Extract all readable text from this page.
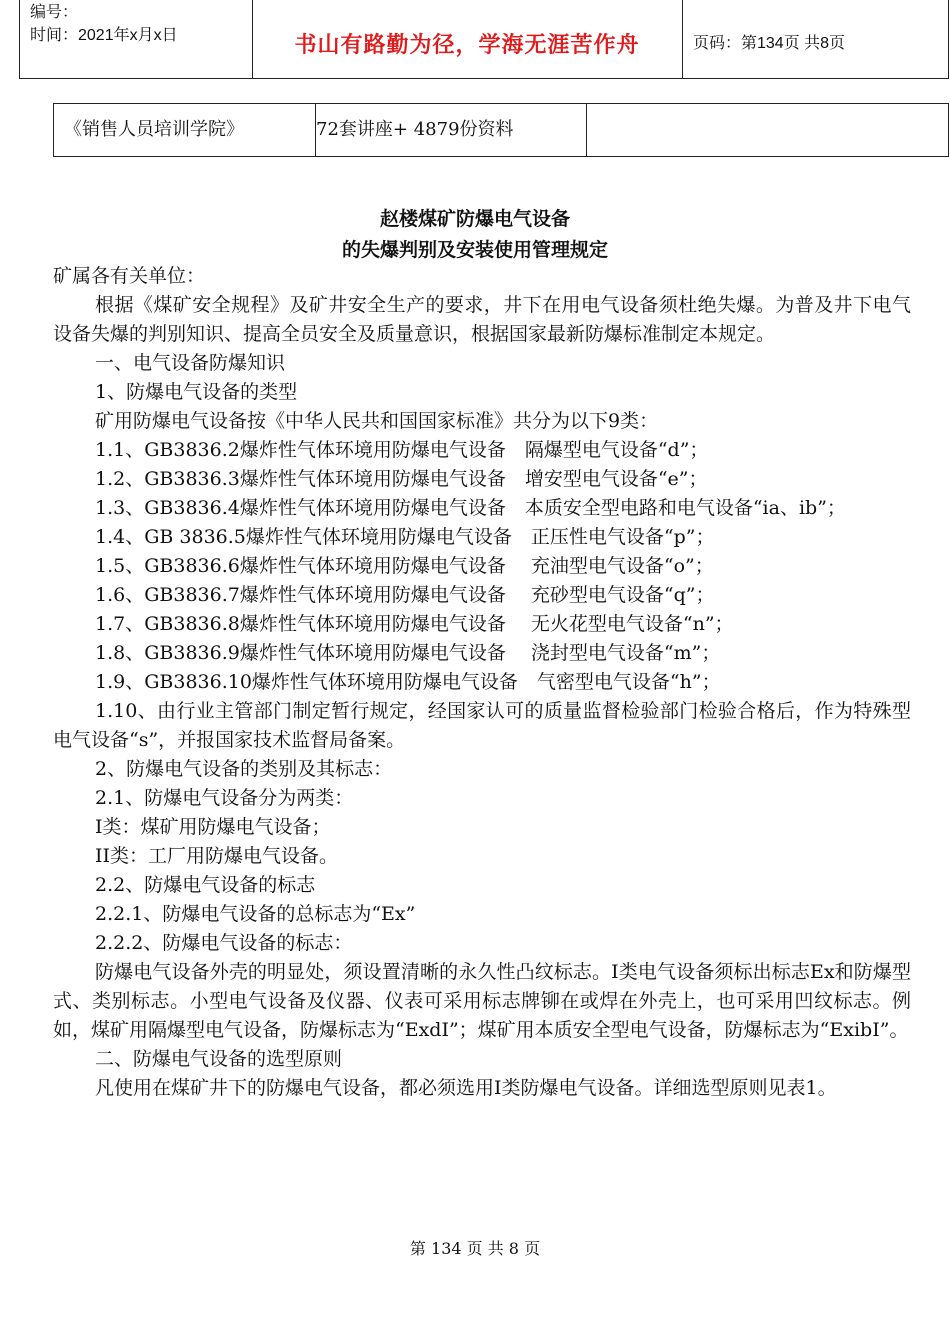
编号：
时间：2021年x月x日	书山有路勤为径，学海无涯苦作舟	页码：第134页 共8页
《销售人员培训学院》	72套讲座+ 4879份资料
赵楼煤矿防爆电气设备
的失爆判别及安装使用管理规定

矿属各有关单位：

根据《煤矿安全规程》及矿井安全生产的要求，井下在用电气设备须杜绝失爆。为普及井下电气设备失爆的判别知识、提高全员安全及质量意识，根据国家最新防爆标准制定本规定。

一、电气设备防爆知识

1、防爆电气设备的类型

矿用防爆电气设备按《中华人民共和国国家标准》共分为以下9类：

1.1、GB3836.2爆炸性气体环境用防爆电气设备　隔爆型电气设备“d”；

1.2、GB3836.3爆炸性气体环境用防爆电气设备　增安型电气设备“e”；

1.3、GB3836.4爆炸性气体环境用防爆电气设备　本质安全型电路和电气设备“ia、ib”；

1.4、GB 3836.5爆炸性气体环境用防爆电气设备　正压性电气设备“p”；

1.5、GB3836.6爆炸性气体环境用防爆电气设备　 充油型电气设备“o”；

1.6、GB3836.7爆炸性气体环境用防爆电气设备　 充砂型电气设备“q”；

1.7、GB3836.8爆炸性气体环境用防爆电气设备　 无火花型电气设备“n”；

1.8、GB3836.9爆炸性气体环境用防爆电气设备　 浇封型电气设备“m”；

1.9、GB3836.10爆炸性气体环境用防爆电气设备　气密型电气设备“h”；

1.10、由行业主管部门制定暂行规定，经国家认可的质量监督检验部门检验合格后，作为特殊型电气设备“s”，并报国家技术监督局备案。

2、防爆电气设备的类别及其标志：

2.1、防爆电气设备分为两类：

I类：煤矿用防爆电气设备；

II类：工厂用防爆电气设备。

2.2、防爆电气设备的标志

2.2.1、防爆电气设备的总标志为“Ex”

2.2.2、防爆电气设备的标志：

防爆电气设备外壳的明显处，须设置清晰的永久性凸纹标志。I类电气设备须标出标志Ex和防爆型式、类别标志。小型电气设备及仪器、仪表可采用标志牌铆在或焊在外壳上，也可采用凹纹标志。例如，煤矿用隔爆型电气设备，防爆标志为“ExdI”；煤矿用本质安全型电气设备，防爆标志为“ExibI”。

二、防爆电气设备的选型原则

凡使用在煤矿井下的防爆电气设备，都必须选用I类防爆电气设备。详细选型原则见表1。

第 134 页 共 8 页
